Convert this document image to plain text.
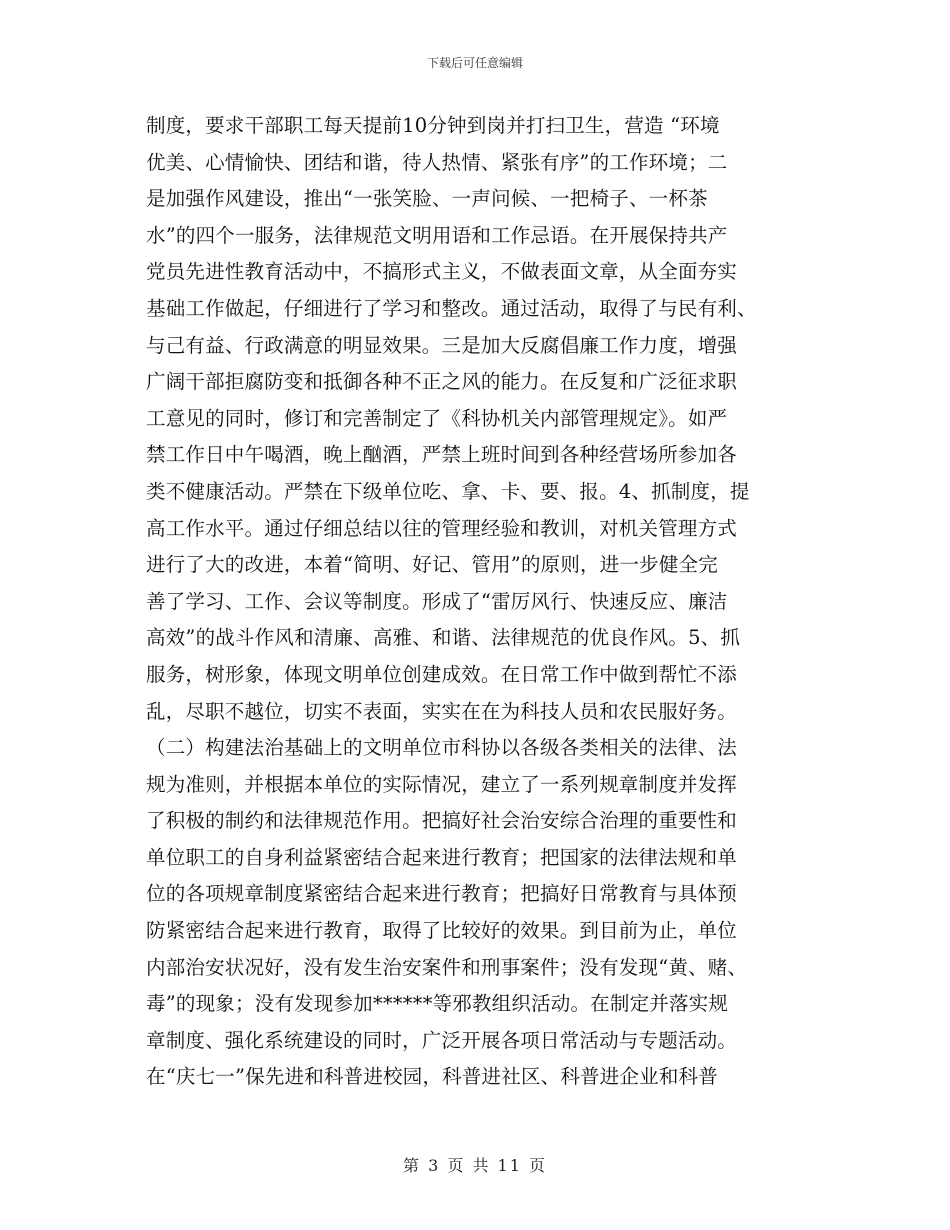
下载后可任意编辑
制度，要求干部职工每天提前10分钟到岗并打扫卫生，营造 “环境
优美、心情愉快、团结和谐，待人热情、紧张有序”的工作环境；二
是加强作风建设，推出“一张笑脸、一声问候、一把椅子、一杯茶
水”的四个一服务，法律规范文明用语和工作忌语。在开展保持共产
党员先进性教育活动中，不搞形式主义，不做表面文章，从全面夯实
基础工作做起，仔细进行了学习和整改。通过活动，取得了与民有利、
与己有益、行政满意的明显效果。三是加大反腐倡廉工作力度，增强
广阔干部拒腐防变和抵御各种不正之风的能力。在反复和广泛征求职
工意见的同时，修订和完善制定了《科协机关内部管理规定》。如严
禁工作日中午喝酒，晚上酗酒，严禁上班时间到各种经营场所参加各
类不健康活动。严禁在下级单位吃、拿、卡、要、报。4、抓制度，提
高工作水平。通过仔细总结以往的管理经验和教训，对机关管理方式
进行了大的改进，本着“简明、好记、管用”的原则，进一步健全完
善了学习、工作、会议等制度。形成了“雷厉风行、快速反应、廉洁
高效”的战斗作风和清廉、高雅、和谐、法律规范的优良作风。5、抓
服务，树形象，体现文明单位创建成效。在日常工作中做到帮忙不添
乱，尽职不越位，切实不表面，实实在在为科技人员和农民服好务。
（二）构建法治基础上的文明单位市科协以各级各类相关的法律、法
规为准则，并根据本单位的实际情况，建立了一系列规章制度并发挥
了积极的制约和法律规范作用。把搞好社会治安综合治理的重要性和
单位职工的自身利益紧密结合起来进行教育；把国家的法律法规和单
位的各项规章制度紧密结合起来进行教育；把搞好日常教育与具体预
防紧密结合起来进行教育，取得了比较好的效果。到目前为止，单位
内部治安状况好，没有发生治安案件和刑事案件；没有发现“黄、赌、
毒”的现象；没有发现参加******等邪教组织活动。在制定并落实规
章制度、强化系统建设的同时，广泛开展各项日常活动与专题活动。
在“庆七一”保先进和科普进校园，科普进社区、科普进企业和科普
第 3 页 共 11 页
